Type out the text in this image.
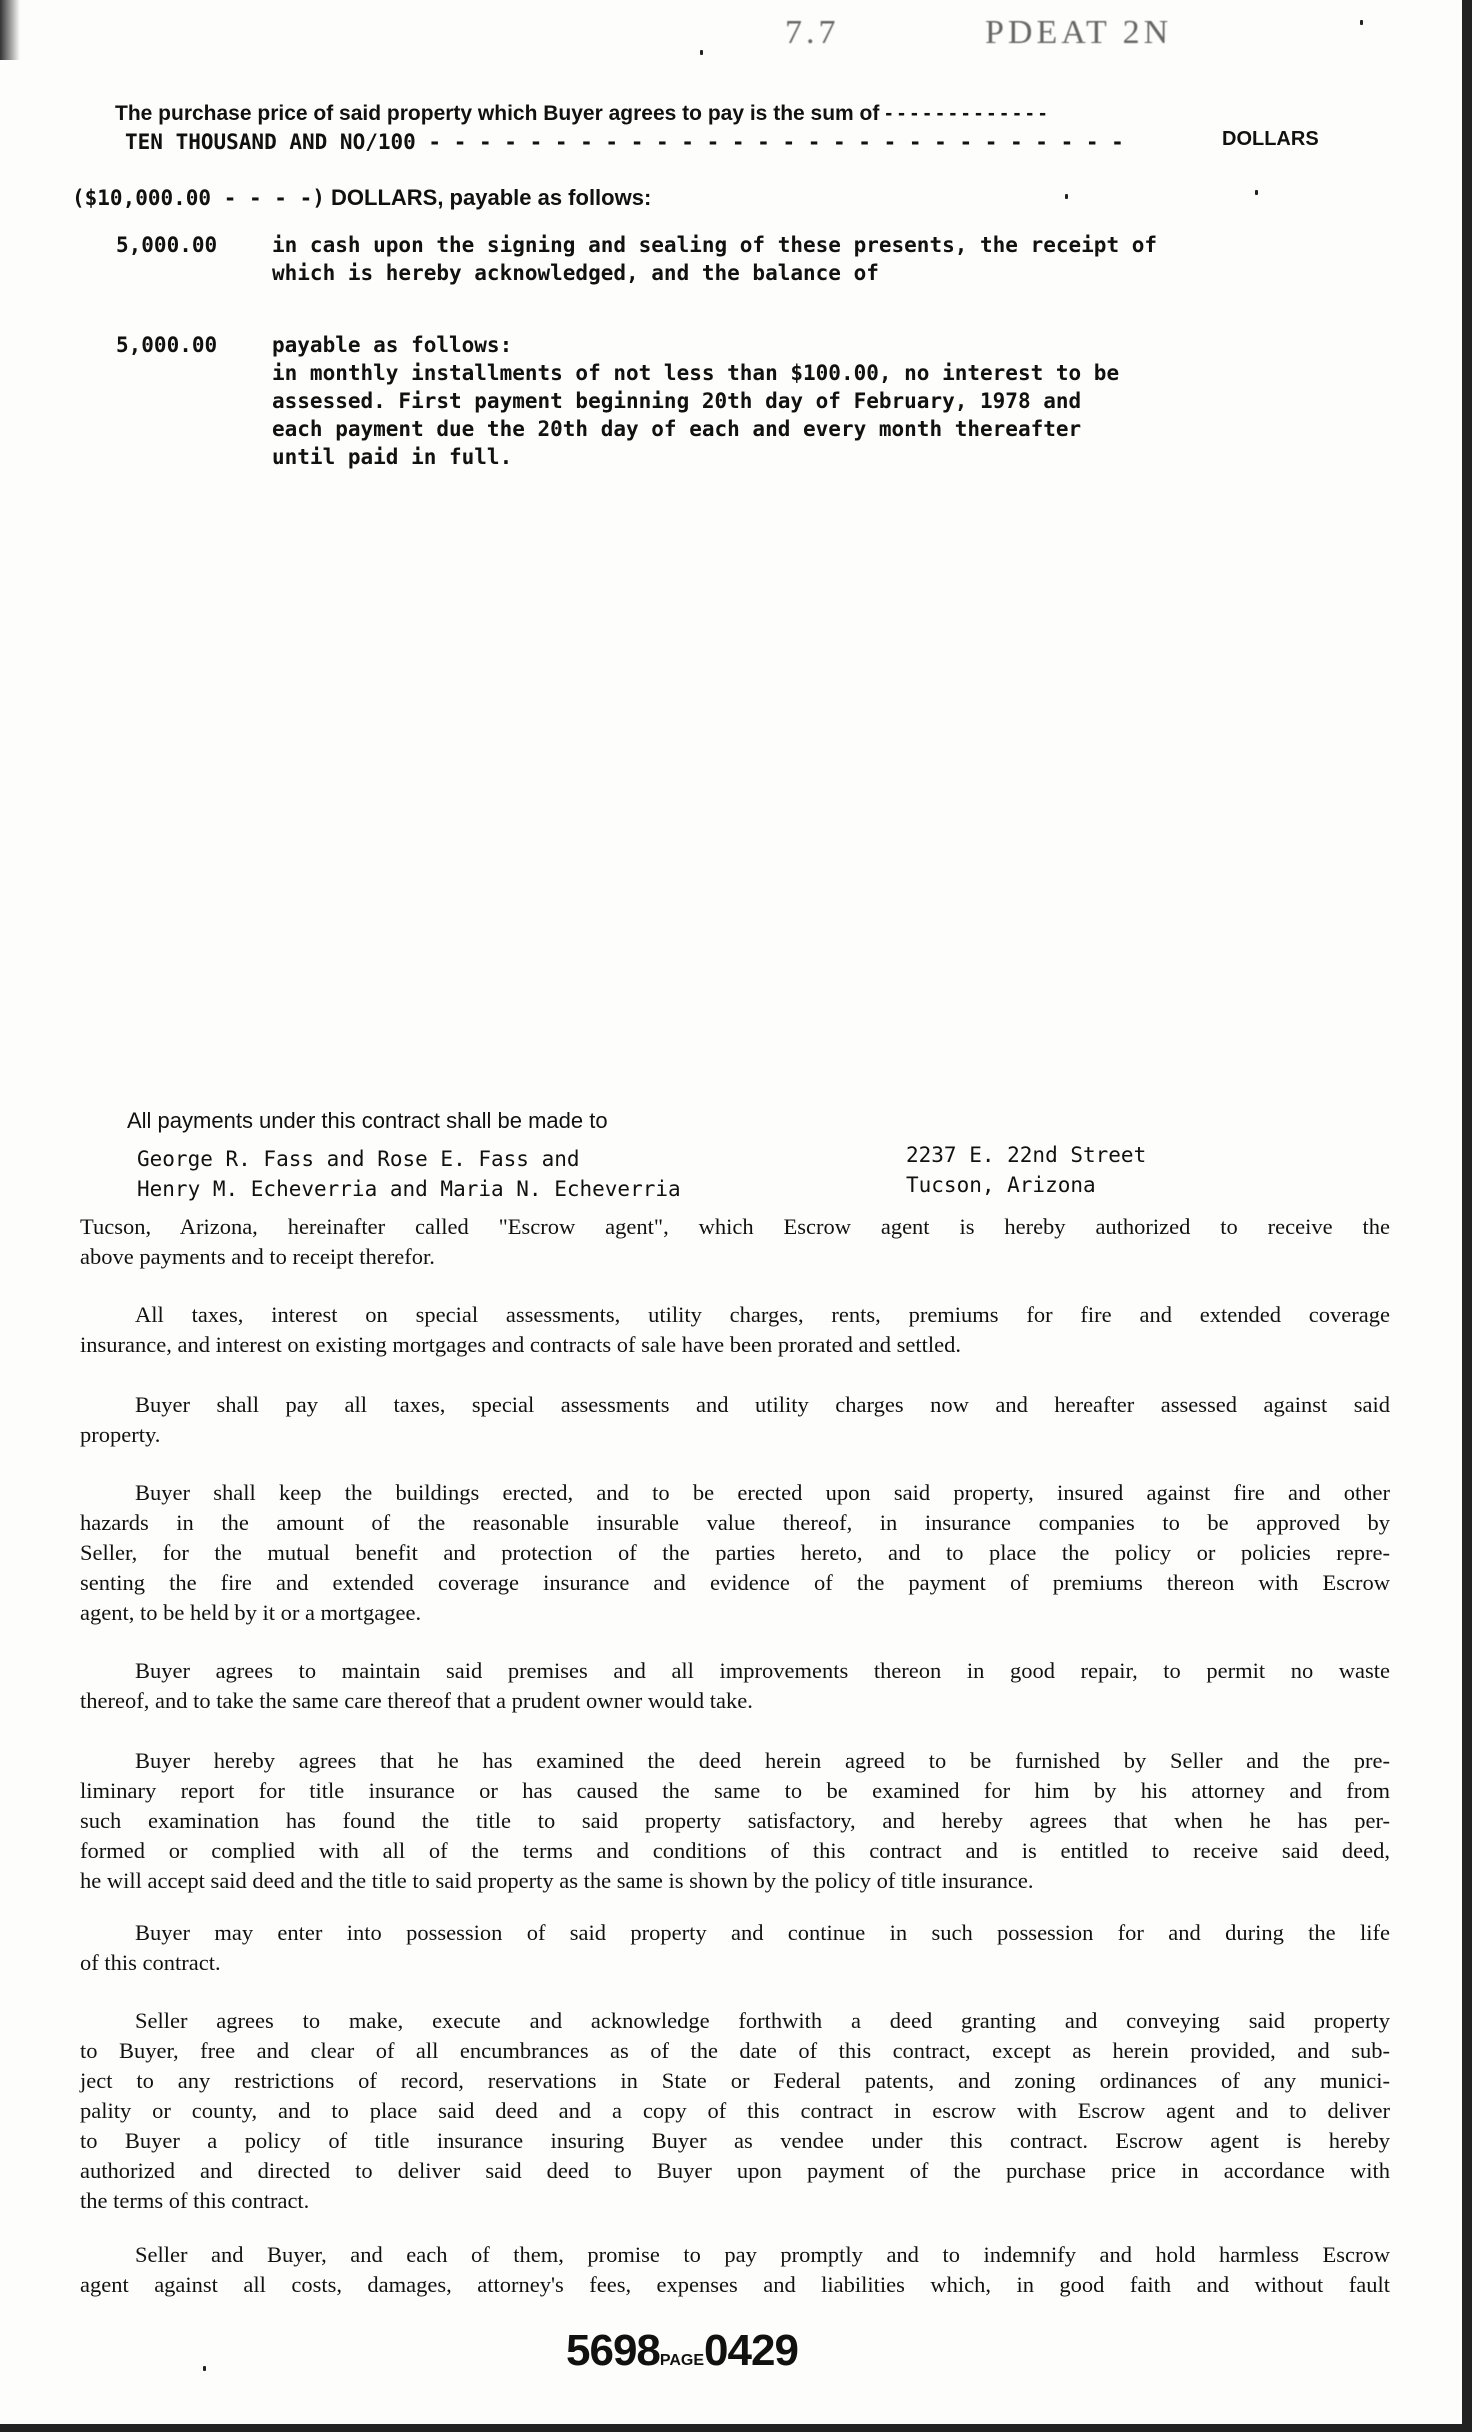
7.7	PDEAT 2N
The purchase price of said property which Buyer agrees to pay is the sum of - - - - - - - - - - - - -
TEN THOUSAND AND NO/100 - - - - - - - - - - - - - - - - - - - - - - - - - - - -	DOLLARS
($10,000.00 - - - -) DOLLARS, payable as follows:
5,000.00	in cash upon the signing and sealing of these presents, the receipt of
which is hereby acknowledged, and the balance of
5,000.00	payable as follows:
in monthly installments of not less than $100.00, no interest to be
assessed. First payment beginning 20th day of February, 1978 and
each payment due the 20th day of each and every month thereafter
until paid in full.
All payments under this contract shall be made to
George R. Fass and Rose E. Fass and
Henry M. Echeverria and Maria N. Echeverria
2237 E. 22nd Street
Tucson, Arizona
Tucson, Arizona, hereinafter called "Escrow agent", which Escrow agent is hereby authorized to receive the
above payments and to receipt therefor.
All taxes, interest on special assessments, utility charges, rents, premiums for fire and extended coverage
insurance, and interest on existing mortgages and contracts of sale have been prorated and settled.
Buyer shall pay all taxes, special assessments and utility charges now and hereafter assessed against said
property.
Buyer shall keep the buildings erected, and to be erected upon said property, insured against fire and other
hazards in the amount of the reasonable insurable value thereof, in insurance companies to be approved by
Seller, for the mutual benefit and protection of the parties hereto, and to place the policy or policies repre-
senting the fire and extended coverage insurance and evidence of the payment of premiums thereon with Escrow
agent, to be held by it or a mortgagee.
Buyer agrees to maintain said premises and all improvements thereon in good repair, to permit no waste
thereof, and to take the same care thereof that a prudent owner would take.
Buyer hereby agrees that he has examined the deed herein agreed to be furnished by Seller and the pre-
liminary report for title insurance or has caused the same to be examined for him by his attorney and from
such examination has found the title to said property satisfactory, and hereby agrees that when he has per-
formed or complied with all of the terms and conditions of this contract and is entitled to receive said deed,
he will accept said deed and the title to said property as the same is shown by the policy of title insurance.
Buyer may enter into possession of said property and continue in such possession for and during the life
of this contract.
Seller agrees to make, execute and acknowledge forthwith a deed granting and conveying said property
to Buyer, free and clear of all encumbrances as of the date of this contract, except as herein provided, and sub-
ject to any restrictions of record, reservations in State or Federal patents, and zoning ordinances of any munici-
pality or county, and to place said deed and a copy of this contract in escrow with Escrow agent and to deliver
to Buyer a policy of title insurance insuring Buyer as vendee under this contract. Escrow agent is hereby
authorized and directed to deliver said deed to Buyer upon payment of the purchase price in accordance with
the terms of this contract.
Seller and Buyer, and each of them, promise to pay promptly and to indemnify and hold harmless Escrow
agent against all costs, damages, attorney's fees, expenses and liabilities which, in good faith and without fault
5698PAGE0429
